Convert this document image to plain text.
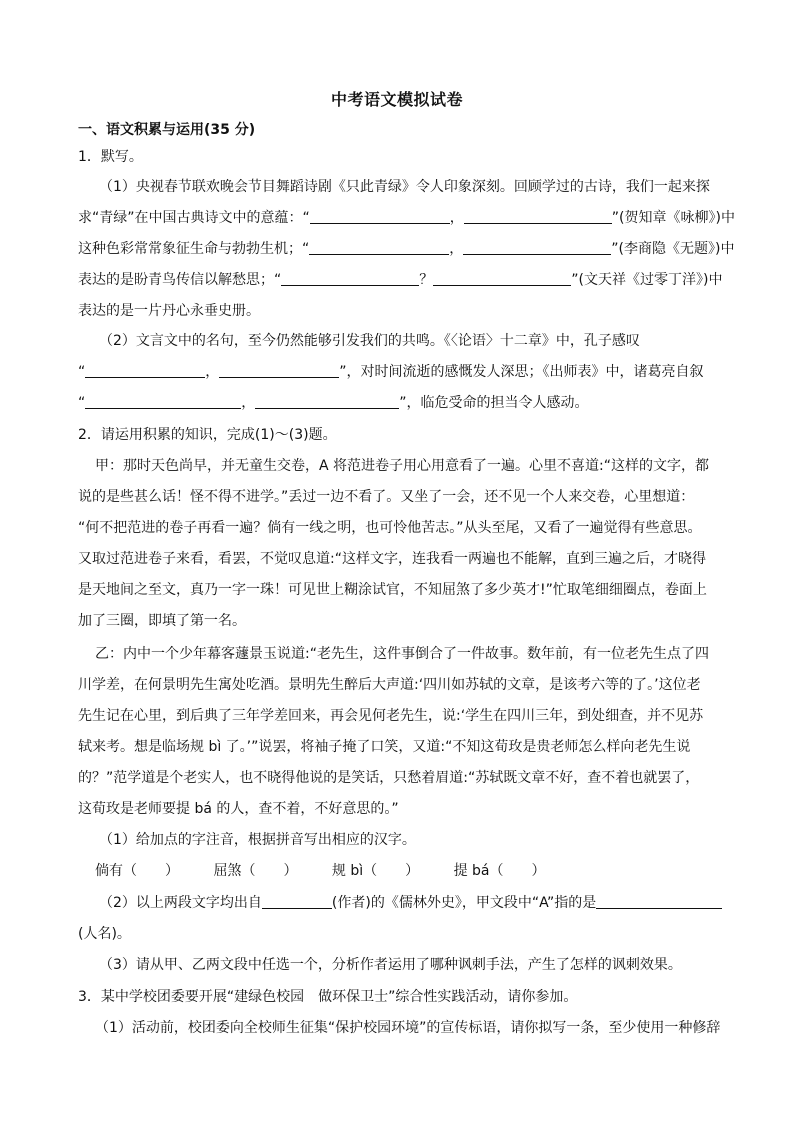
中考语文模拟试卷
一、语文积累与运用(35 分)
1．默写。
（1）央视春节联欢晚会节目舞蹈诗剧《只此青绿》令人印象深刻。回顾学过的古诗，我们一起来探
求“青绿”在中国古典诗文中的意蕴：“	，	”(贺知章《咏柳》)中
这种色彩常常象征生命与勃勃生机；“	，	”(李商隐《无题》)中
表达的是盼青鸟传信以解愁思；“	？	”(文天祥《过零丁洋》)中
表达的是一片丹心永垂史册。
（2）文言文中的名句，至今仍然能够引发我们的共鸣。《〈论语〉十二章》中，孔子感叹
“	，	”，对时间流逝的感慨发人深思；《出师表》中，诸葛亮自叙
“	，	”，临危受命的担当令人感动。
2．请运用积累的知识，完成(1)～(3)题。
甲：那时天色尚早，并无童生交卷，A 将范进卷子用心用意看了一遍。心里不喜道:“这样的文字，都
说的是些甚么话！怪不得不进学。”丢过一边不看了。又坐了一会，还不见一个人来交卷，心里想道：
“何不把范进的卷子再看一遍？倘有一线之明，也可怜他苦志。”从头至尾，又看了一遍觉得有些意思。
又取过范进卷子来看，看罢，不觉叹息道:“这样文字，连我看一两遍也不能解，直到三遍之后，才晓得
是天地间之至文，真乃一字一珠！可见世上糊涂试官，不知屈煞了多少英才!”忙取笔细细圈点，卷面上
加了三圈，即填了第一名。
乙：内中一个少年幕客蘧景玉说道:“老先生，这件事倒合了一件故事。数年前，有一位老先生点了四
川学差，在何景明先生寓处吃酒。景明先生醉后大声道:‘四川如苏轼的文章，是该考六等的了。’这位老
先生记在心里，到后典了三年学差回来，再会见何老先生，说:‘学生在四川三年，到处细查，并不见苏
轼来考。想是临场规 bì 了。’”说罢，将袖子掩了口笑，又道:“不知这荀玫是贵老师怎么样向老先生说
的？”范学道是个老实人，也不晓得他说的是笑话，只愁着眉道:“苏轼既文章不好，查不着也就罢了，
这荀玫是老师要提 bá 的人，查不着，不好意思的。”
（1）给加点的字注音，根据拼音写出相应的汉字。
倘有（　　） 屈煞（　　） 规 bì（　　） 提 bá（　　）
（2）以上两段文字均出自	(作者)的《儒林外史》，甲文段中“A”指的是
(人名)。
（3）请从甲、乙两文段中任选一个，分析作者运用了哪种讽刺手法，产生了怎样的讽刺效果。
3．某中学校团委要开展“建绿色校园　做环保卫士”综合性实践活动，请你参加。
（1）活动前，校团委向全校师生征集“保护校园环境”的宣传标语，请你拟写一条，至少使用一种修辞
